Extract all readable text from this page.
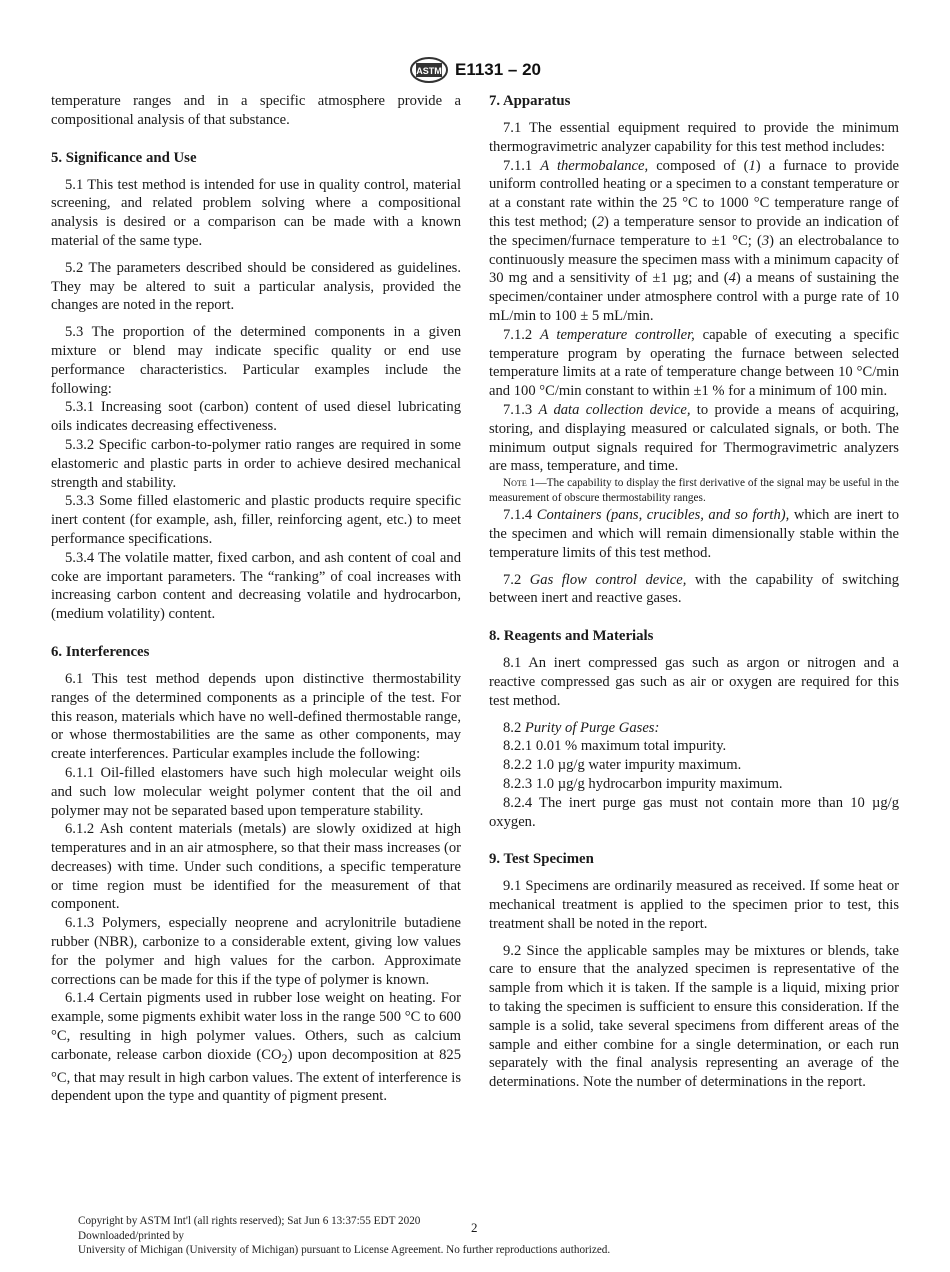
ASTM E1131 – 20

temperature ranges and in a specific atmosphere provide a compositional analysis of that substance.

5. Significance and Use

5.1 This test method is intended for use in quality control, material screening, and related problem solving where a compositional analysis is desired or a comparison can be made with a known material of the same type.

5.2 The parameters described should be considered as guidelines. They may be altered to suit a particular analysis, provided the changes are noted in the report.

5.3 The proportion of the determined components in a given mixture or blend may indicate specific quality or end use performance characteristics. Particular examples include the following:

5.3.1 Increasing soot (carbon) content of used diesel lubricating oils indicates decreasing effectiveness.

5.3.2 Specific carbon-to-polymer ratio ranges are required in some elastomeric and plastic parts in order to achieve desired mechanical strength and stability.

5.3.3 Some filled elastomeric and plastic products require specific inert content (for example, ash, filler, reinforcing agent, etc.) to meet performance specifications.

5.3.4 The volatile matter, fixed carbon, and ash content of coal and coke are important parameters. The “ranking” of coal increases with increasing carbon content and decreasing volatile and hydrocarbon, (medium volatility) content.

6. Interferences

6.1 This test method depends upon distinctive thermostability ranges of the determined components as a principle of the test. For this reason, materials which have no well-defined thermostable range, or whose thermostabilities are the same as other components, may create interferences. Particular examples include the following:

6.1.1 Oil-filled elastomers have such high molecular weight oils and such low molecular weight polymer content that the oil and polymer may not be separated based upon temperature stability.

6.1.2 Ash content materials (metals) are slowly oxidized at high temperatures and in an air atmosphere, so that their mass increases (or decreases) with time. Under such conditions, a specific temperature or time region must be identified for the measurement of that component.

6.1.3 Polymers, especially neoprene and acrylonitrile butadiene rubber (NBR), carbonize to a considerable extent, giving low values for the polymer and high values for the carbon. Approximate corrections can be made for this if the type of polymer is known.

6.1.4 Certain pigments used in rubber lose weight on heating. For example, some pigments exhibit water loss in the range 500 °C to 600 °C, resulting in high polymer values. Others, such as calcium carbonate, release carbon dioxide $(CO_2)$ upon decomposition at 825 °C, that may result in high carbon values. The extent of interference is dependent upon the type and quantity of pigment present.

7. Apparatus

7.1 The essential equipment required to provide the minimum thermogravimetric analyzer capability for this test method includes:

7.1.1 A thermobalance, composed of (1) a furnace to provide uniform controlled heating or a specimen to a constant temperature or at a constant rate within the 25 °C to 1000 °C temperature range of this test method; (2) a temperature sensor to provide an indication of the specimen/furnace temperature to ±1 °C; (3) an electrobalance to continuously measure the specimen mass with a minimum capacity of 30 mg and a sensitivity of ±1 µg; and (4) a means of sustaining the specimen/container under atmosphere control with a purge rate of 10 mL/min to 100 ± 5 mL/min.

7.1.2 A temperature controller, capable of executing a specific temperature program by operating the furnace between selected temperature limits at a rate of temperature change between 10 °C/min and 100 °C/min constant to within ±1 % for a minimum of 100 min.

7.1.3 A data collection device, to provide a means of acquiring, storing, and displaying measured or calculated signals, or both. The minimum output signals required for Thermogravimetric analyzers are mass, temperature, and time.

Note 1—The capability to display the first derivative of the signal may be useful in the measurement of obscure thermostability ranges.

7.1.4 Containers (pans, crucibles, and so forth), which are inert to the specimen and which will remain dimensionally stable within the temperature limits of this test method.

7.2 Gas flow control device, with the capability of switching between inert and reactive gases.

8. Reagents and Materials

8.1 An inert compressed gas such as argon or nitrogen and a reactive compressed gas such as air or oxygen are required for this test method.

8.2 Purity of Purge Gases:

8.2.1 0.01 % maximum total impurity.

8.2.2 1.0 µg/g water impurity maximum.

8.2.3 1.0 µg/g hydrocarbon impurity maximum.

8.2.4 The inert purge gas must not contain more than 10 µg/g oxygen.

9. Test Specimen

9.1 Specimens are ordinarily measured as received. If some heat or mechanical treatment is applied to the specimen prior to test, this treatment shall be noted in the report.

9.2 Since the applicable samples may be mixtures or blends, take care to ensure that the analyzed specimen is representative of the sample from which it is taken. If the sample is a liquid, mixing prior to taking the specimen is sufficient to ensure this consideration. If the sample is a solid, take several specimens from different areas of the sample and either combine for a single determination, or each run separately with the final analysis representing an average of the determinations. Note the number of determinations in the report.

Copyright by ASTM Int'l (all rights reserved); Sat Jun 6 13:37:55 EDT 2020
Downloaded/printed by
University of Michigan (University of Michigan) pursuant to License Agreement. No further reproductions authorized.
2
